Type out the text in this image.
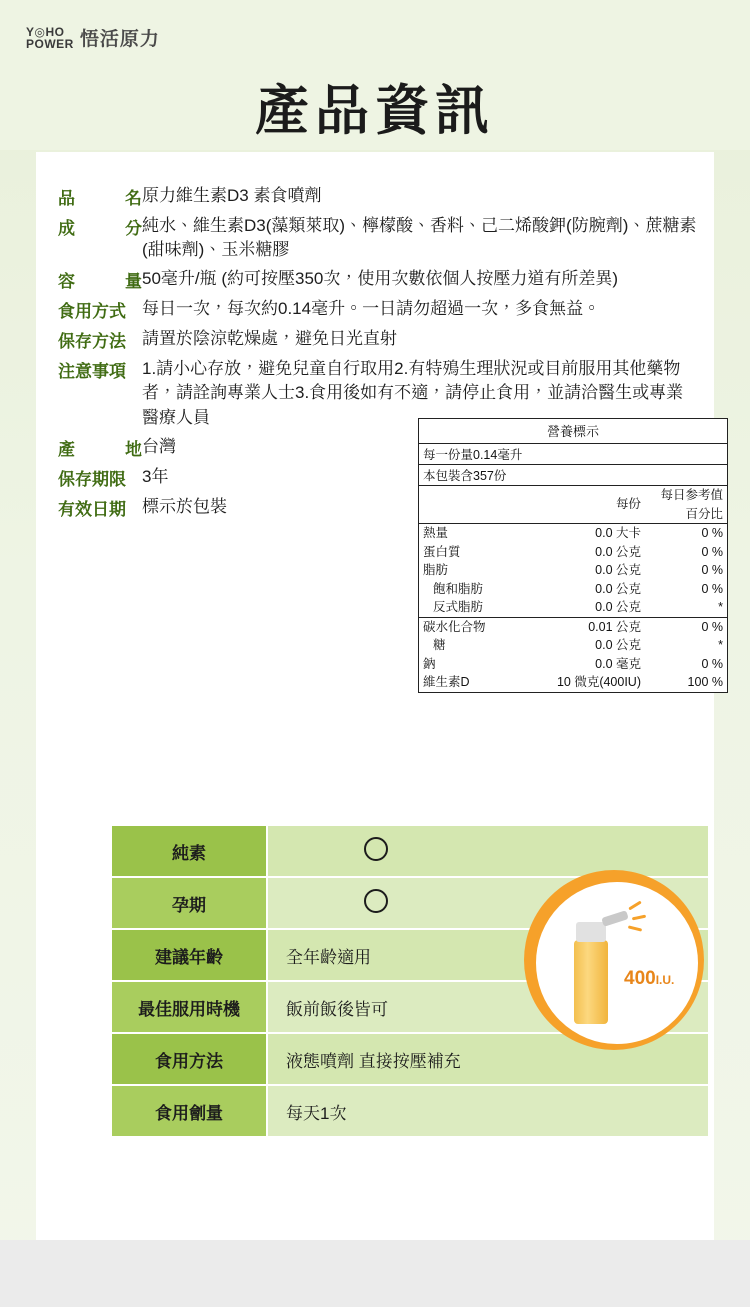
Y◎HO
POWER 悟活原力
產品資訊
品	名 原力維生素D3 素食噴劑
成	分 純水、維生素D3(藻類萊取)、檸檬酸、香料、己二烯酸鉀(防腕劑)、蔗糖素(甜味劑)、玉米糖膠
容	量 50毫升/瓶 (約可按壓350次，使用次數依個人按壓力道有所差異)
食用方式 每日一次，每次約0.14毫升。一日請勿超過一次，多食無益。
保存方法 請置於陰涼乾燥處，避免日光直射
注意事項 1.請小心存放，避免兒童自行取用2.有特殦生理狀況或目前服用其他藥物者，請詮詢專業人士3.食用後如有不適，請停止食用，並請洽醫生或專業醫療人員
產	地 台灣
保存期限 3年
有效日期 標示於包裝
營養標示
每一份量0.14毫升
本包裝含357份
	每份	每日参考值百分比
熱量	0.0 大卡	0 %
蛋白質	0.0 公克	0 %
脂肪	0.0 公克	0 %
飽和脂肪	0.0 公克	0 %
反式脂肪	0.0 公克	*
碳水化合物	0.01 公克	0 %
糖	0.0 公克	*
鈉	0.0 毫克	0 %
維生素D	10 微克(400IU)	100 %
純素	
孕期	
建議年齡	全年齡適用
最佳服用時機	飯前飯後皆可
食用方法	液態噴劑 直接按壓補充
食用劊量	每天1次
400I.U.
